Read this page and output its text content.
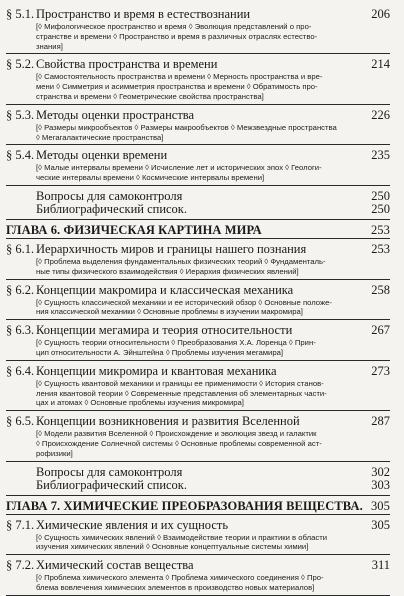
§ 5.1. Пространство и время в естествознании	206
[◊ Мифологическое пространство и время ◊ Эволюция представлений о про-
странстве и времени ◊ Пространство и время в различных отраслях естество-
знания]
§ 5.2. Свойства пространства и времени	214
[◊ Самостоятельность пространства и времени ◊ Мерность пространства и вре-
мени ◊ Симметрия и асимметрия пространства и времени ◊ Обратимость про-
странства и времени ◊ Геометрические свойства пространства]
§ 5.3. Методы оценки пространства	226
[◊ Размеры микрообъектов ◊ Размеры макрообъектов ◊ Межзвездные пространства
◊ Мегагалактические пространства]
§ 5.4. Методы оценки времени	235
[◊ Малые интервалы времени ◊ Исчисление лет и исторических эпох ◊ Геологи-
ческие интервалы времени ◊ Космические интервалы времени]
Вопросы для самоконтроля	250
Библиографический список.	250
ГЛАВА 6. ФИЗИЧЕСКАЯ КАРТИНА МИРА	253
§ 6.1. Иерархичность миров и границы нашего познания	253
[◊ Проблема выделения фундаментальных физических теорий ◊ Фундаменталь-
ные типы физического взаимодействия ◊ Иерархия физических явлений]
§ 6.2. Концепции макромира и классическая механика	258
[◊ Сущность классической механики и ее исторический обзор ◊ Основные положе-
ния классической механики ◊ Основные проблемы в изучении макромира]
§ 6.3. Концепции мегамира и теория относительности	267
[◊ Сущность теории относительности ◊ Преобразования Х.А. Лоренца ◊ Прин-
цип относительности А. Эйнштейна ◊ Проблемы изучения мегамира]
§ 6.4. Концепции микромира и квантовая механика	273
[◊ Сущность квантовой механики и границы ее применимости ◊ История станов-
ления квантовой теории ◊ Современные представления об элементарных части-
цах и атомах ◊ Основные проблемы изучения микромира]
§ 6.5. Концепции возникновения и развития Вселенной	287
[◊ Модели развития Вселенной ◊ Происхождение и эволюция звезд и галактик
◊ Происхождение Солнечной системы ◊ Основные проблемы современной аст-
рофизики]
Вопросы для самоконтроля	302
Библиографический список.	303
ГЛАВА 7. ХИМИЧЕСКИЕ ПРЕОБРАЗОВАНИЯ ВЕЩЕСТВА. 305
§ 7.1. Химические явления и их сущность	305
[◊ Сущность химических явлений ◊ Взаимодействие теории и практики в области
изучения химических явлений ◊ Основные концептуальные системы химии]
§ 7.2. Химический состав вещества	311
[◊ Проблема химического элемента ◊ Проблема химического соединения ◊ Про-
блема вовлечения химических элементов в производство новых материалов]
